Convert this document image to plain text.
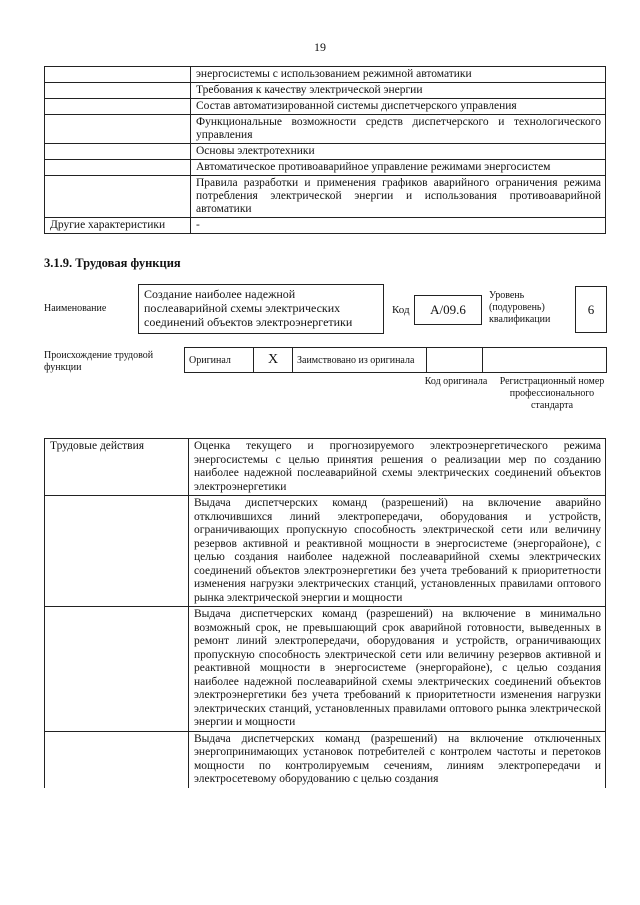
19
	энергосистемы с использованием режимной автоматики
	Требования к качеству электрической энергии
	Состав автоматизированной системы диспетчерского управления
	Функциональные возможности средств диспетчерского и технологического управления
	Основы электротехники
	Автоматическое противоаварийное управление режимами энергосистем
	Правила разработки и применения графиков аварийного ограничения режима потребления электрической энергии и использования противоаварийной автоматики
Другие характеристики	-
3.1.9. Трудовая функция
Наименование
Создание наиболее надежной послеаварийной схемы электрических соединений объектов электроэнергетики
Код	А/09.6
Уровень (подуровень) квалификации
6
Происхождение трудовой функции
Оригинал	X	Заимствовано из оригинала		
Код оригинала	Регистрационный номер профессионального стандарта
Трудовые действия	Оценка текущего и прогнозируемого электроэнергетического режима энергосистемы с целью принятия решения о реализации мер по созданию наиболее надежной послеаварийной схемы электрических соединений объектов электроэнергетики
	Выдача диспетчерских команд (разрешений) на включение аварийно отключившихся линий электропередачи, оборудования и устройств, ограничивающих пропускную способность электрической сети или величину резервов активной и реактивной мощности в энергосистеме (энергорайоне), с целью создания наиболее надежной послеаварийной схемы электрических соединений объектов электроэнергетики без учета требований к приоритетности изменения нагрузки электрических станций, установленных правилами оптового рынка электрической энергии и мощности
	Выдача диспетчерских команд (разрешений) на включение в минимально возможный срок, не превышающий срок аварийной готовности, выведенных в ремонт линий электропередачи, оборудования и устройств, ограничивающих пропускную способность электрической сети или величину резервов активной и реактивной мощности в энергосистеме (энергорайоне), с целью создания наиболее надежной послеаварийной схемы электрических соединений объектов электроэнергетики без учета требований к приоритетности изменения нагрузки электрических станций, установленных правилами оптового рынка электрической энергии и мощности
	Выдача диспетчерских команд (разрешений) на включение отключенных энергопринимающих установок потребителей с контролем частоты и перетоков мощности по контролируемым сечениям, линиям электропередачи и электросетевому оборудованию с целью создания
